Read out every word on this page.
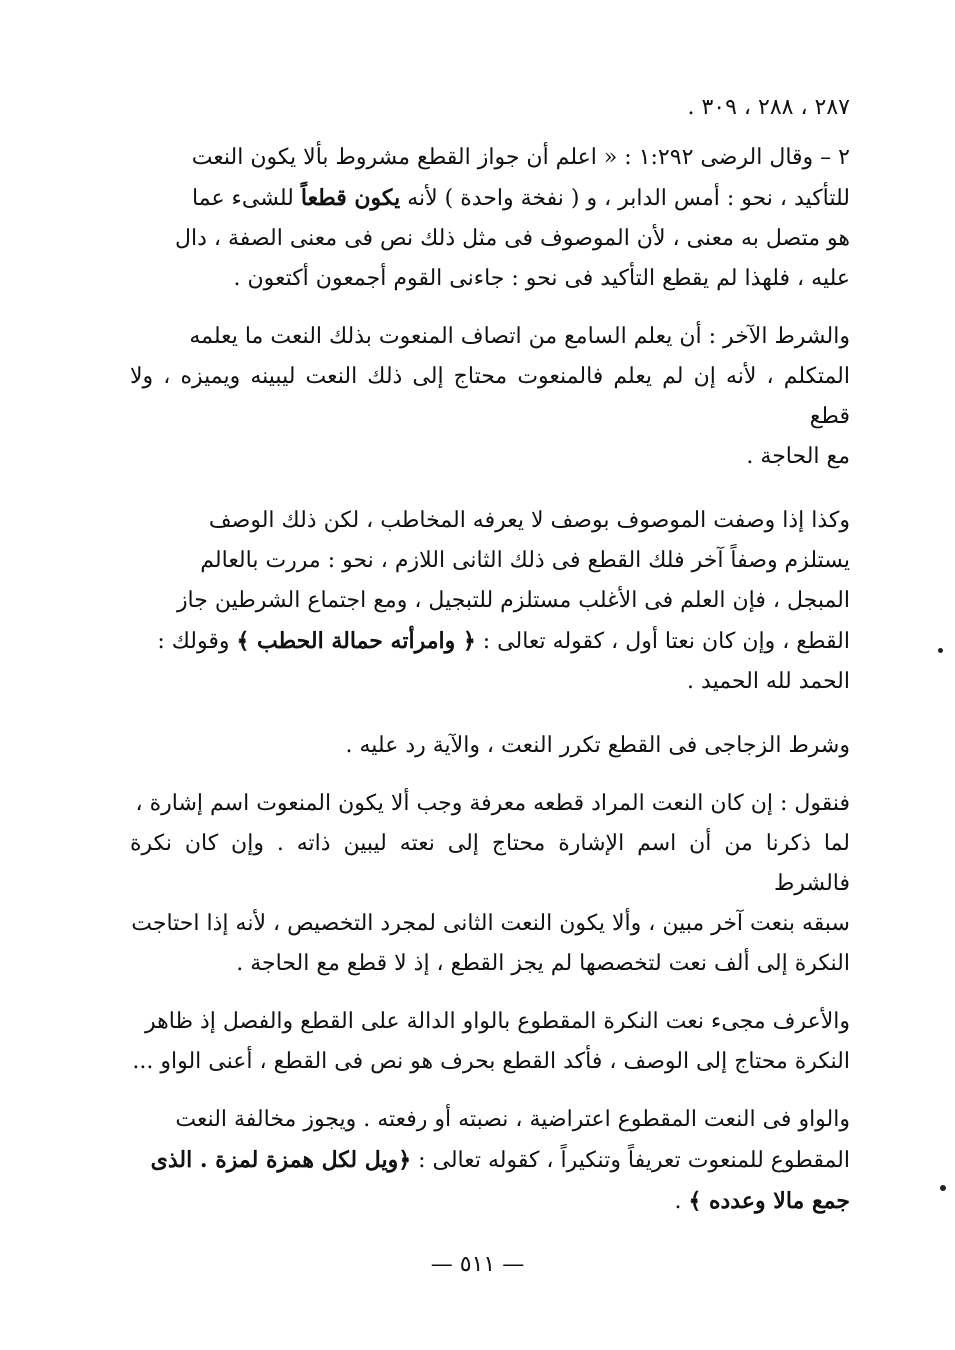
٢٨٧ ، ٢٨٨ ، ٣٠٩ .

٢ – وقال الرضى ١:٢٩٢ : « اعلم أن جواز القطع مشروط بألا يكون النعت

للتأكيد ، نحو : أمس الدابر ، و ( نفخة واحدة ) لأنه يكون قطعاً للشىء عما

هو متصل به معنى ، لأن الموصوف فى مثل ذلك نص فى معنى الصفة ، دال

عليه ، فلهذا لم يقطع التأكيد فى نحو : جاءنى القوم أجمعون أكتعون .

والشرط الآخر : أن يعلم السامع من اتصاف المنعوت بذلك النعت ما يعلمه

المتكلم ، لأنه إن لم يعلم فالمنعوت محتاج إلى ذلك النعت ليبينه ويميزه ، ولا قطع

مع الحاجة .

وكذا إذا وصفت الموصوف بوصف لا يعرفه المخاطب ، لكن ذلك الوصف

يستلزم وصفاً آخر فلك القطع فى ذلك الثانى اللازم ، نحو : مررت بالعالم

المبجل ، فإن العلم فى الأغلب مستلزم للتبجيل ، ومع اجتماع الشرطين جاز

القطع ، وإن كان نعتا أول ، كقوله تعالى : ﴿ وامرأته حمالة الحطب ﴾ وقولك :

الحمد لله الحميد .

وشرط الزجاجى فى القطع تكرر النعت ، والآية رد عليه .

فنقول : إن كان النعت المراد قطعه معرفة وجب ألا يكون المنعوت اسم إشارة ،

لما ذكرنا من أن اسم الإشارة محتاج إلى نعته ليبين ذاته . وإن كان نكرة فالشرط

سبقه بنعت آخر مبين ، وألا يكون النعت الثانى لمجرد التخصيص ، لأنه إذا احتاجت

النكرة إلى ألف نعت لتخصصها لم يجز القطع ، إذ لا قطع مع الحاجة .

والأعرف مجىء نعت النكرة المقطوع بالواو الدالة على القطع والفصل إذ ظاهر

النكرة محتاج إلى الوصف ، فأكد القطع بحرف هو نص فى القطع ، أعنى الواو ...

والواو فى النعت المقطوع اعتراضية ، نصبته أو رفعته . ويجوز مخالفة النعت

المقطوع للمنعوت تعريفاً وتنكيراً ، كقوله تعالى : ﴿ويل لكل همزة لمزة . الذى

جمع مالا وعدده ﴾ .

— ٥١١ —
